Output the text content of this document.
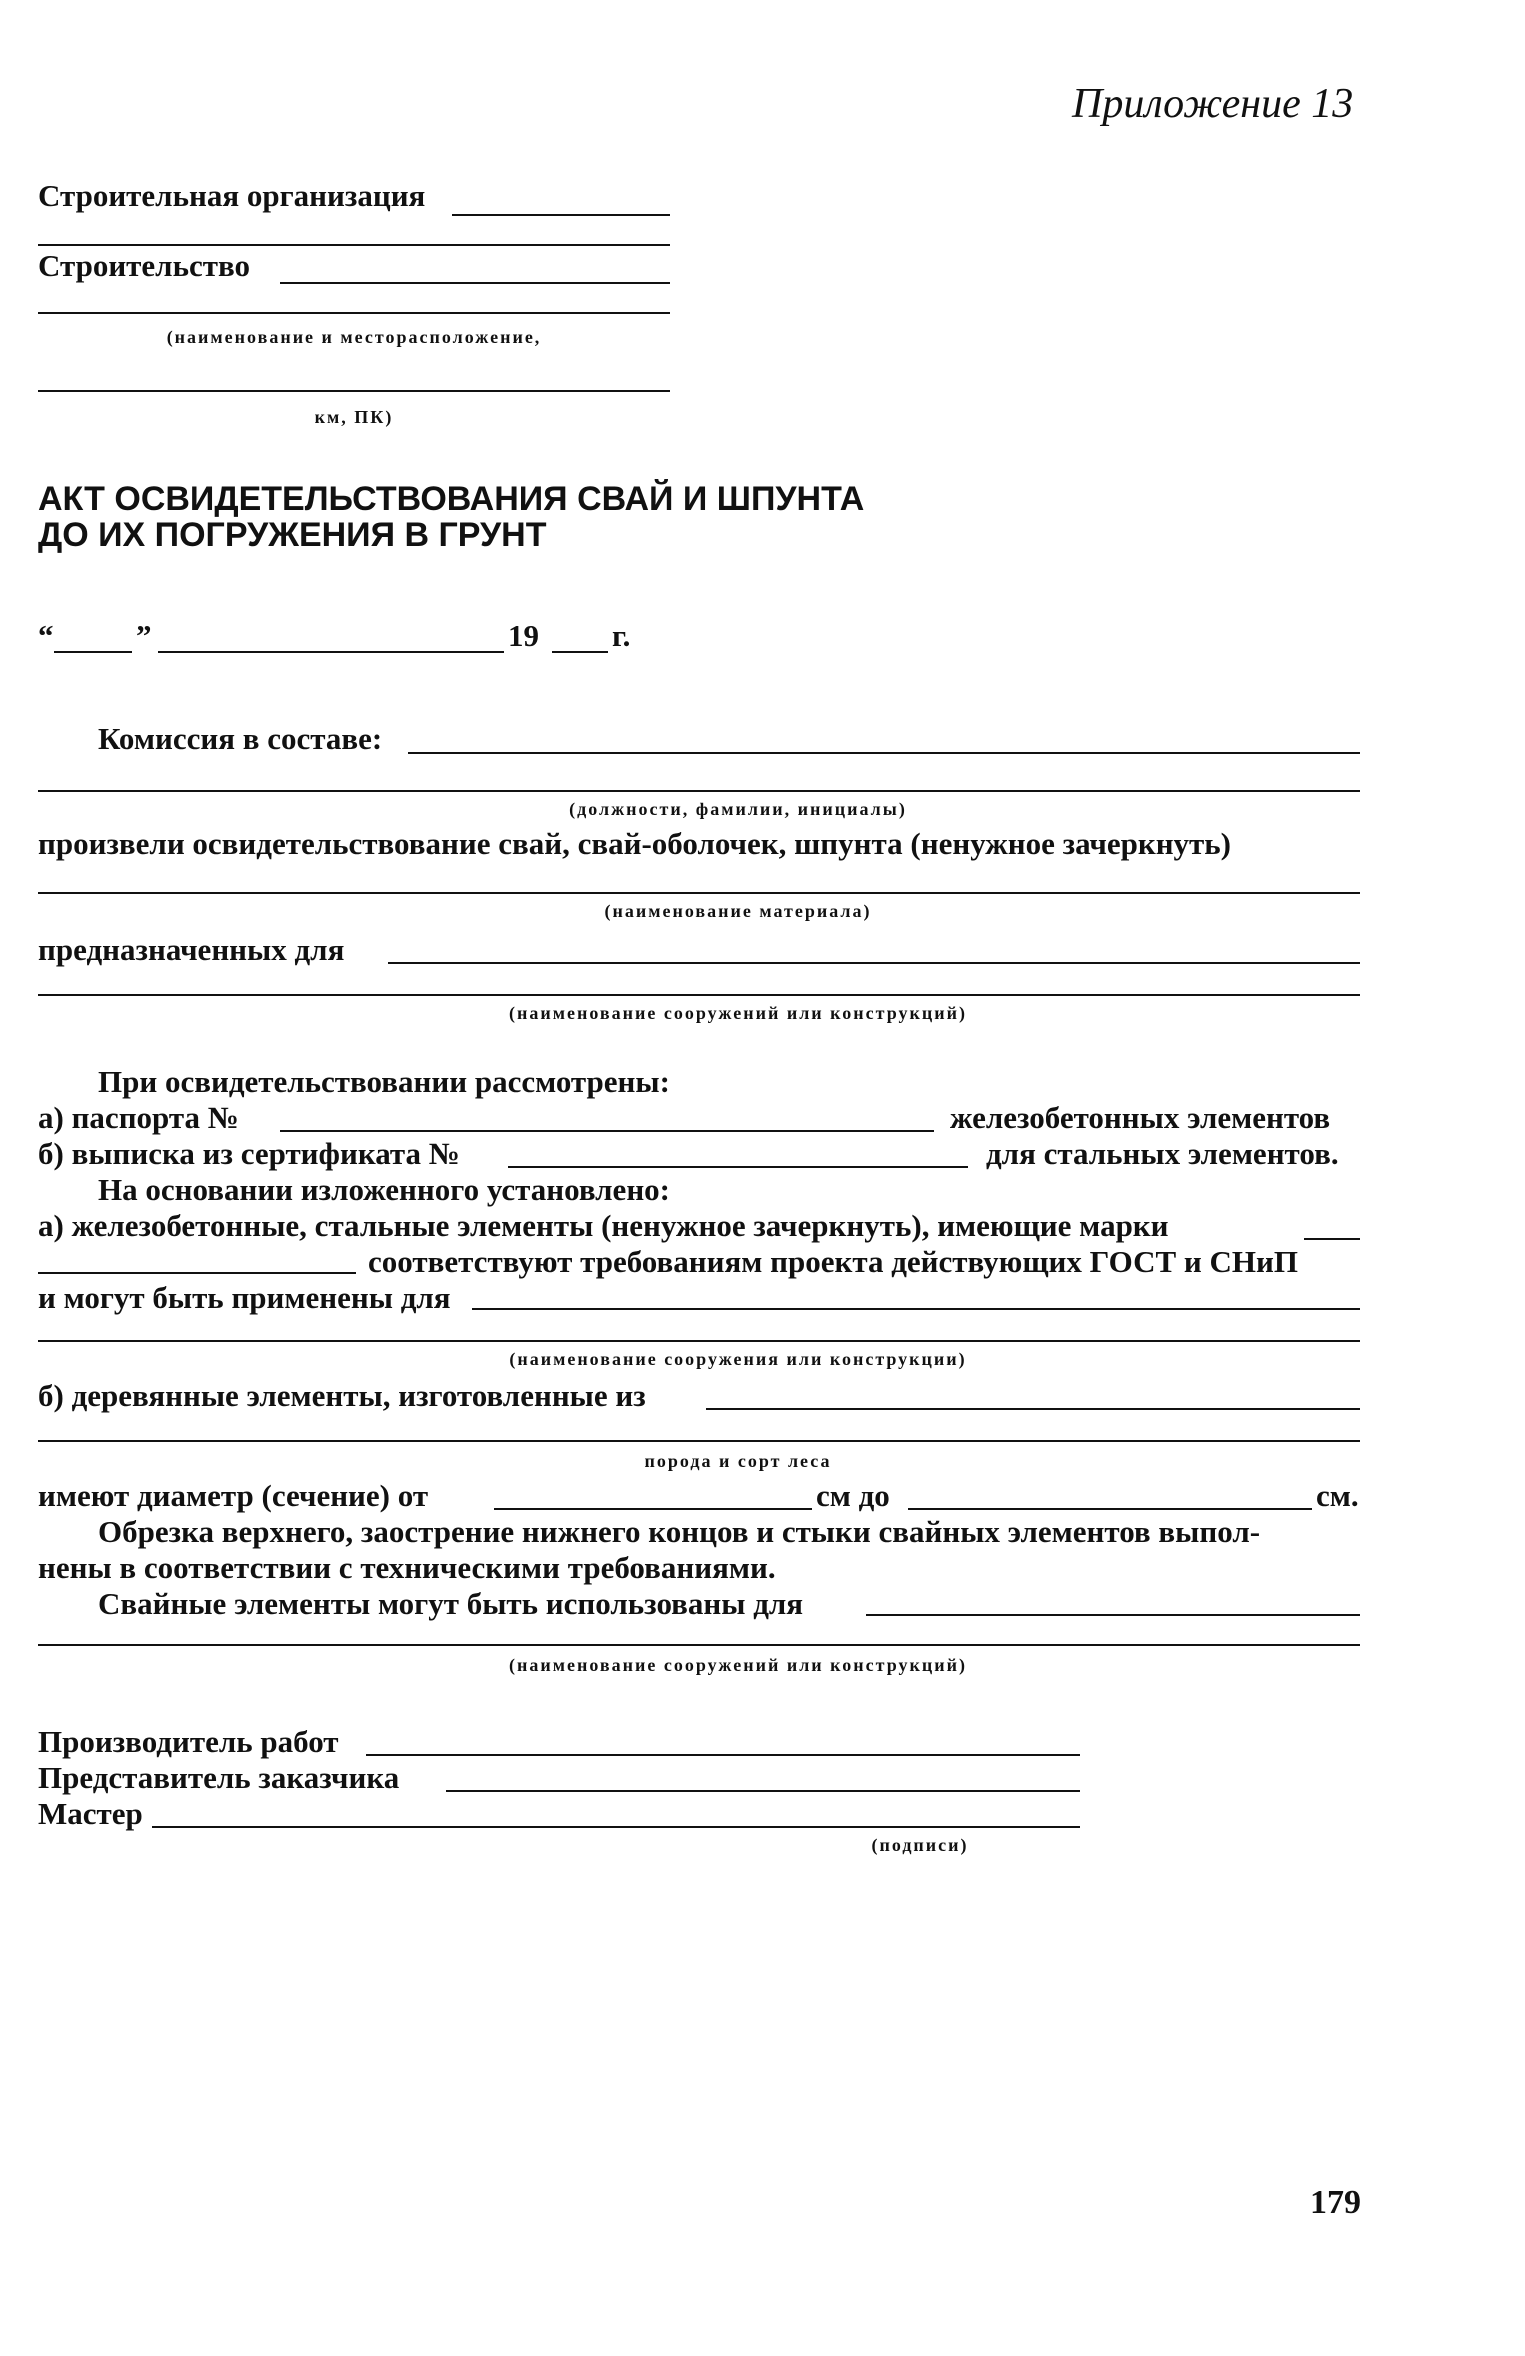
Приложение 13
Строительная организация
Строительство
(наименование и месторасположение,
км, ПК)
АКТ ОСВИДЕТЕЛЬСТВОВАНИЯ СВАЙ И ШПУНТА
ДО ИХ ПОГРУЖЕНИЯ В ГРУНТ
“	”	19 г.
Комиссия в составе:
(должности, фамилии, инициалы)
произвели освидетельствование свай, свай-оболочек, шпунта (ненужное зачеркнуть)
(наименование материала)
предназначенных для
(наименование сооружений или конструкций)
При освидетельствовании рассмотрены:
а) паспорта №	железобетонных элементов
б) выписка из сертификата №	для стальных элементов.
На основании изложенного установлено:
а) железобетонные, стальные элементы (ненужное зачеркнуть), имеющие марки
соответствуют требованиям проекта действующих ГОСТ и СНиП
и могут быть применены для
(наименование сооружения или конструкции)
б) деревянные элементы, изготовленные из
порода и сорт леса
имеют диаметр (сечение) от	см до	см.
Обрезка верхнего, заострение нижнего концов и стыки свайных элементов выпол-
нены в соответствии с техническими требованиями.
Свайные элементы могут быть использованы для
(наименование сооружений или конструкций)
Производитель работ
Представитель заказчика
Мастер
(подписи)
179
